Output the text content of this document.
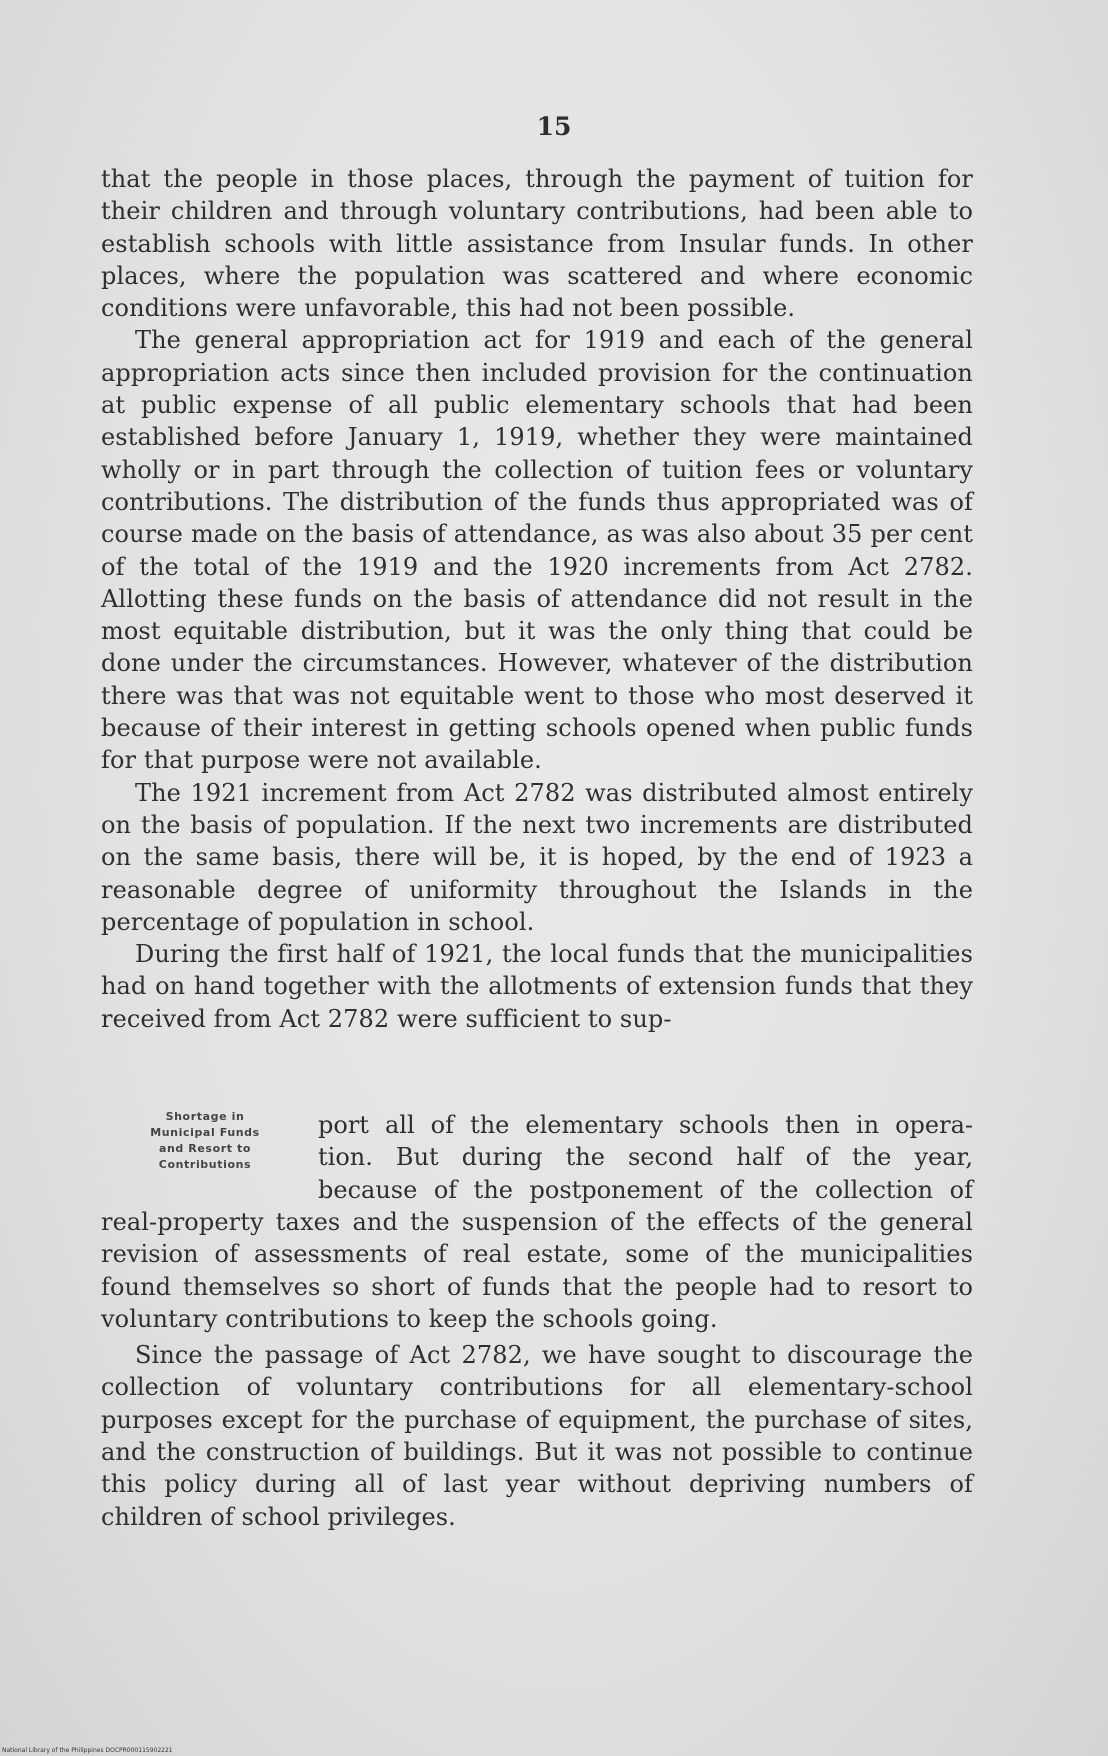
15

that the people in those places, through the payment of tuition for their children and through voluntary contributions, had been able to establish schools with little assistance from Insular funds. In other places, where the population was scattered and where economic conditions were unfavorable, this had not been possible.

The general appropriation act for 1919 and each of the general appropriation acts since then included provision for the continuation at public expense of all public elementary schools that had been established before January 1, 1919, whether they were maintained wholly or in part through the collection of tuition fees or voluntary contributions. The distribution of the funds thus appropriated was of course made on the basis of attendance, as was also about 35 per cent of the total of the 1919 and the 1920 increments from Act 2782. Allotting these funds on the basis of attendance did not result in the most equitable distribution, but it was the only thing that could be done under the circumstances. However, whatever of the distribution there was that was not equitable went to those who most deserved it because of their interest in getting schools opened when public funds for that purpose were not available.

The 1921 increment from Act 2782 was distributed almost entirely on the basis of population. If the next two increments are distributed on the same basis, there will be, it is hoped, by the end of 1923 a reasonable degree of uniformity throughout the Islands in the percentage of population in school.

During the first half of 1921, the local funds that the municipalities had on hand together with the allotments of extension funds that they received from Act 2782 were sufficient to sup-

Shortage in
Municipal Funds
and Resort to
Contributions
port all of the elementary schools then in opera-
tion. But during the second half of the year,
because of the postponement of the collection of

real-property taxes and the suspension of the effects of the general revision of assessments of real estate, some of the municipalities found themselves so short of funds that the people had to resort to voluntary contributions to keep the schools going.

Since the passage of Act 2782, we have sought to discourage the collection of voluntary contributions for all elementary-school purposes except for the purchase of equipment, the purchase of sites, and the construction of buildings. But it was not possible to continue this policy during all of last year without depriving numbers of children of school privileges.

National Library of the Philippines DOCPR000115902221
